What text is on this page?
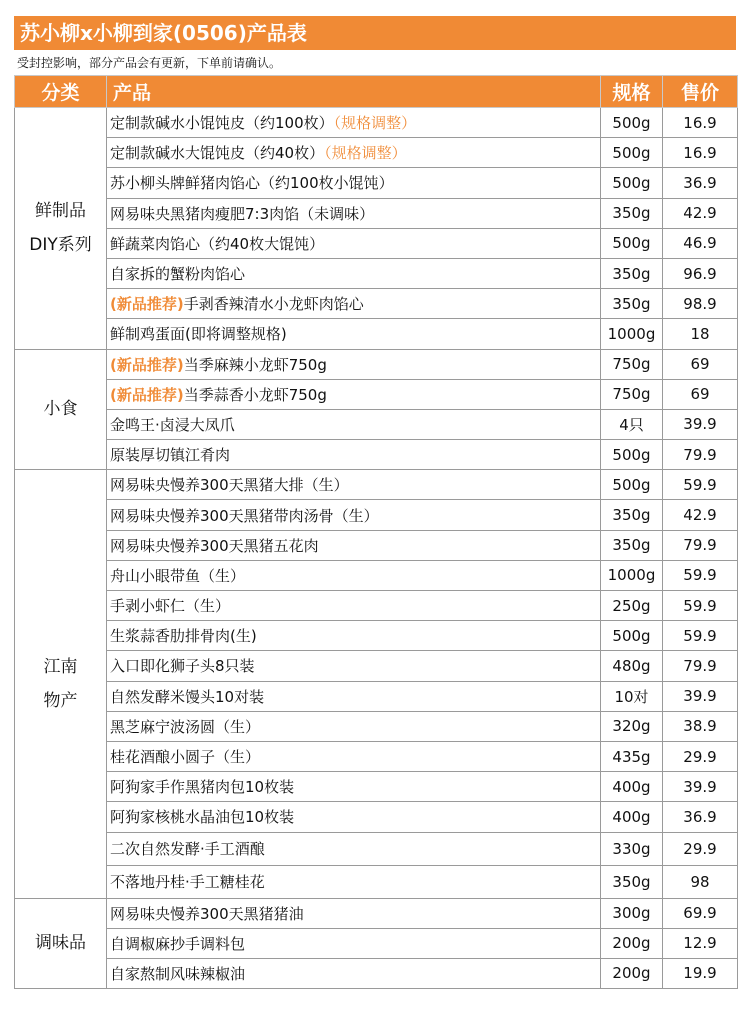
苏小柳x小柳到家(0506)产品表
受封控影响，部分产品会有更新，下单前请确认。
分类	产品	规格	售价

鲜制品
DIY系列	定制款碱水小馄饨皮（约100枚）（规格调整）	500g	16.9
	定制款碱水大馄饨皮（约40枚）（规格调整）	500g	16.9
	苏小柳头牌鲜猪肉馅心（约100枚小馄饨）	500g	36.9
	网易味央黑猪肉瘦肥7:3肉馅（未调味）	350g	42.9
	鲜蔬菜肉馅心（约40枚大馄饨）	500g	46.9
	自家拆的蟹粉肉馅心	350g	96.9
	(新品推荐)手剥香辣清水小龙虾肉馅心	350g	98.9
	鲜制鸡蛋面(即将调整规格)	1000g	18

小食	(新品推荐)当季麻辣小龙虾750g	750g	69
	(新品推荐)当季蒜香小龙虾750g	750g	69
	金鸣王·卤浸大凤爪	4只	39.9
	原装厚切镇江肴肉	500g	79.9

江南
物产	网易味央慢养300天黑猪大排（生）	500g	59.9
	网易味央慢养300天黑猪带肉汤骨（生）	350g	42.9
	网易味央慢养300天黑猪五花肉	350g	79.9
	舟山小眼带鱼（生）	1000g	59.9
	手剥小虾仁（生）	250g	59.9
	生浆蒜香肋排骨肉(生)	500g	59.9
	入口即化狮子头8只装	480g	79.9
	自然发酵米馒头10对装	10对	39.9
	黑芝麻宁波汤圆（生）	320g	38.9
	桂花酒酿小圆子（生）	435g	29.9
	阿狗家手作黑猪肉包10枚装	400g	39.9
	阿狗家核桃水晶油包10枚装	400g	36.9
	二次自然发酵·手工酒酿	330g	29.9
	不落地丹桂·手工糖桂花	350g	98

调味品	网易味央慢养300天黑猪猪油	300g	69.9
	自调椒麻抄手调料包	200g	12.9
	自家熬制风味辣椒油	200g	19.9
